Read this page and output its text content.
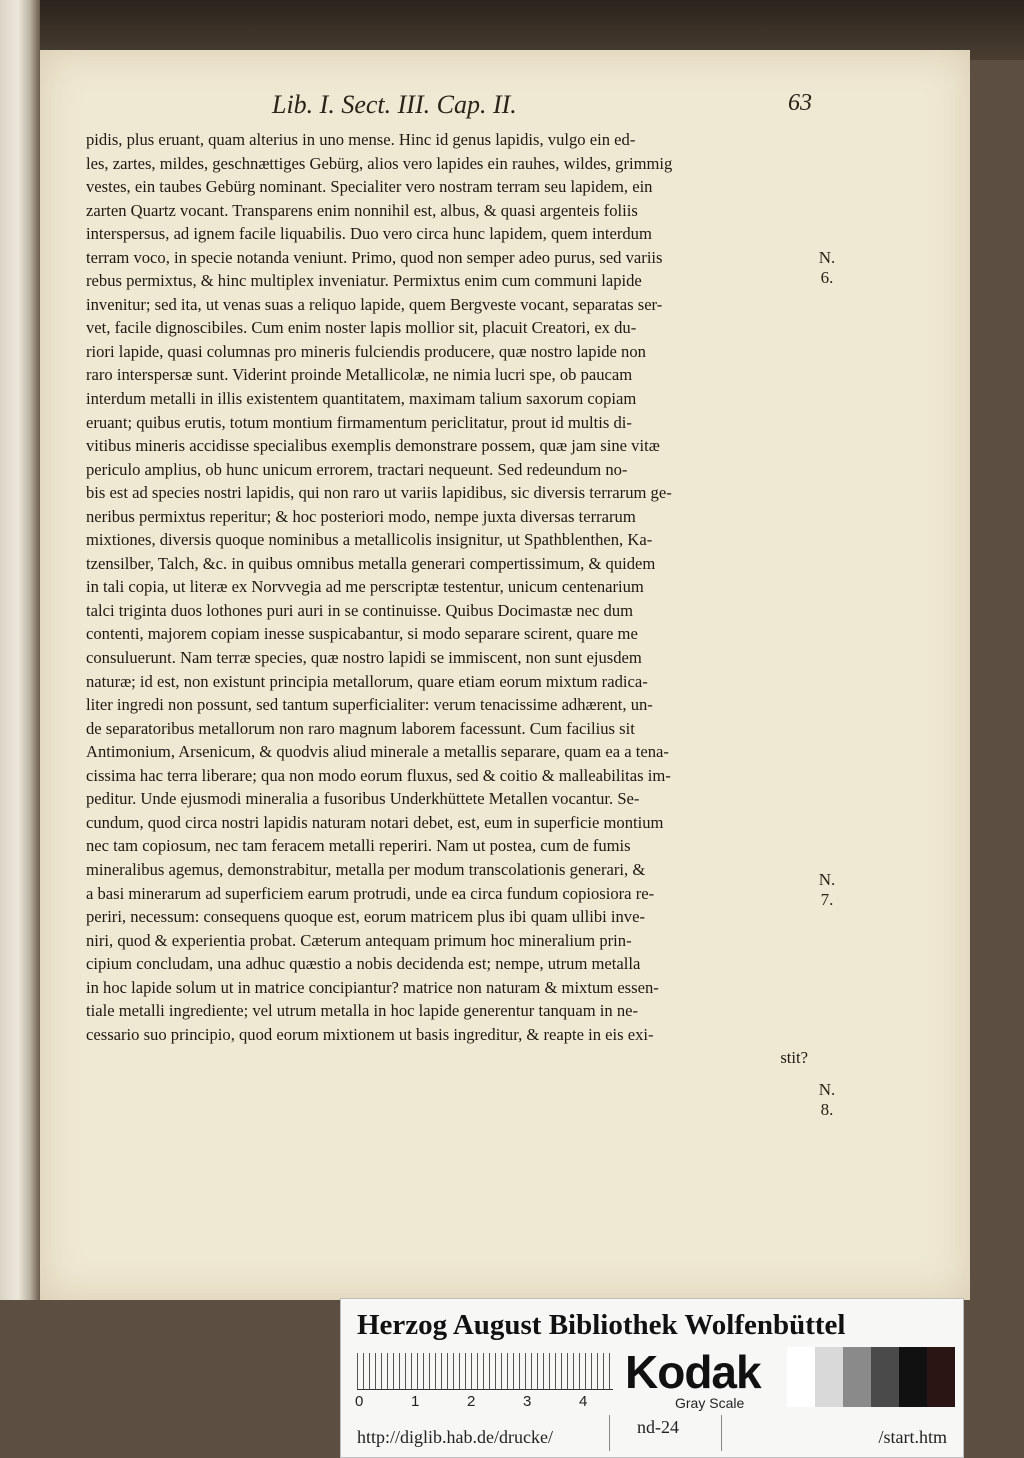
Lib. I. Sect. III. Cap. II.	63
pidis, plus eruant, quam alterius in uno mense. Hinc id genus lapidis, vulgo ein ed-
les, zartes, mildes, geschnættiges Gebürg, alios vero lapides ein rauhes, wildes, grimmig
vestes, ein taubes Gebürg nominant. Specialiter vero nostram terram seu lapidem, ein
zarten Quartz vocant. Transparens enim nonnihil est, albus, & quasi argenteis foliis
interspersus, ad ignem facile liquabilis. Duo vero circa hunc lapidem, quem interdum
terram voco, in specie notanda veniunt. Primo, quod non semper adeo purus, sed variis
rebus permixtus, & hinc multiplex inveniatur. Permixtus enim cum communi lapide
invenitur; sed ita, ut venas suas a reliquo lapide, quem Bergveste vocant, separatas ser-
vet, facile dignoscibiles. Cum enim noster lapis mollior sit, placuit Creatori, ex du-
riori lapide, quasi columnas pro mineris fulciendis producere, quæ nostro lapide non
raro interspersæ sunt. Viderint proinde Metallicolæ, ne nimia lucri spe, ob paucam
interdum metalli in illis existentem quantitatem, maximam talium saxorum copiam
eruant; quibus erutis, totum montium firmamentum periclitatur, prout id multis di-
vitibus mineris accidisse specialibus exemplis demonstrare possem, quæ jam sine vitæ
periculo amplius, ob hunc unicum errorem, tractari nequeunt. Sed redeundum no-
bis est ad species nostri lapidis, qui non raro ut variis lapidibus, sic diversis terrarum ge-
neribus permixtus reperitur; & hoc posteriori modo, nempe juxta diversas terrarum
mixtiones, diversis quoque nominibus a metallicolis insignitur, ut Spathblenthen, Ka-
tzensilber, Talch, &c. in quibus omnibus metalla generari compertissimum, & quidem
in tali copia, ut literæ ex Norvvegia ad me perscriptæ testentur, unicum centenarium
talci triginta duos lothones puri auri in se continuisse. Quibus Docimastæ nec dum
contenti, majorem copiam inesse suspicabantur, si modo separare scirent, quare me
consuluerunt. Nam terræ species, quæ nostro lapidi se immiscent, non sunt ejusdem
naturæ; id est, non existunt principia metallorum, quare etiam eorum mixtum radica-
liter ingredi non possunt, sed tantum superficialiter: verum tenacissime adhærent, un-
de separatoribus metallorum non raro magnum laborem facessunt. Cum facilius sit
Antimonium, Arsenicum, & quodvis aliud minerale a metallis separare, quam ea a tena-
cissima hac terra liberare; qua non modo eorum fluxus, sed & coitio & malleabilitas im-
peditur. Unde ejusmodi mineralia a fusoribus Underkhüttete Metallen vocantur. Se-
cundum, quod circa nostri lapidis naturam notari debet, est, eum in superficie montium
nec tam copiosum, nec tam feracem metalli reperiri. Nam ut postea, cum de fumis
mineralibus agemus, demonstrabitur, metalla per modum transcolationis generari, &
a basi minerarum ad superficiem earum protrudi, unde ea circa fundum copiosiora re-
periri, necessum: consequens quoque est, eorum matricem plus ibi quam ullibi inve-
niri, quod & experientia probat. Cæterum antequam primum hoc mineralium prin-
cipium concludam, una adhuc quæstio a nobis decidenda est; nempe, utrum metalla
in hoc lapide solum ut in matrice concipiantur? matrice non naturam & mixtum essen-
tiale metalli ingrediente; vel utrum metalla in hoc lapide generentur tanquam in ne-
cessario suo principio, quod eorum mixtionem ut basis ingreditur, & reapte in eis exi-
stit?
N.
6.
N.
7.
N.
8.
Herzog August Bibliothek Wolfenbüttel
0	1	2	3	4
Kodak
Gray Scale
http://diglib.hab.de/drucke/	nd-24	/start.htm
